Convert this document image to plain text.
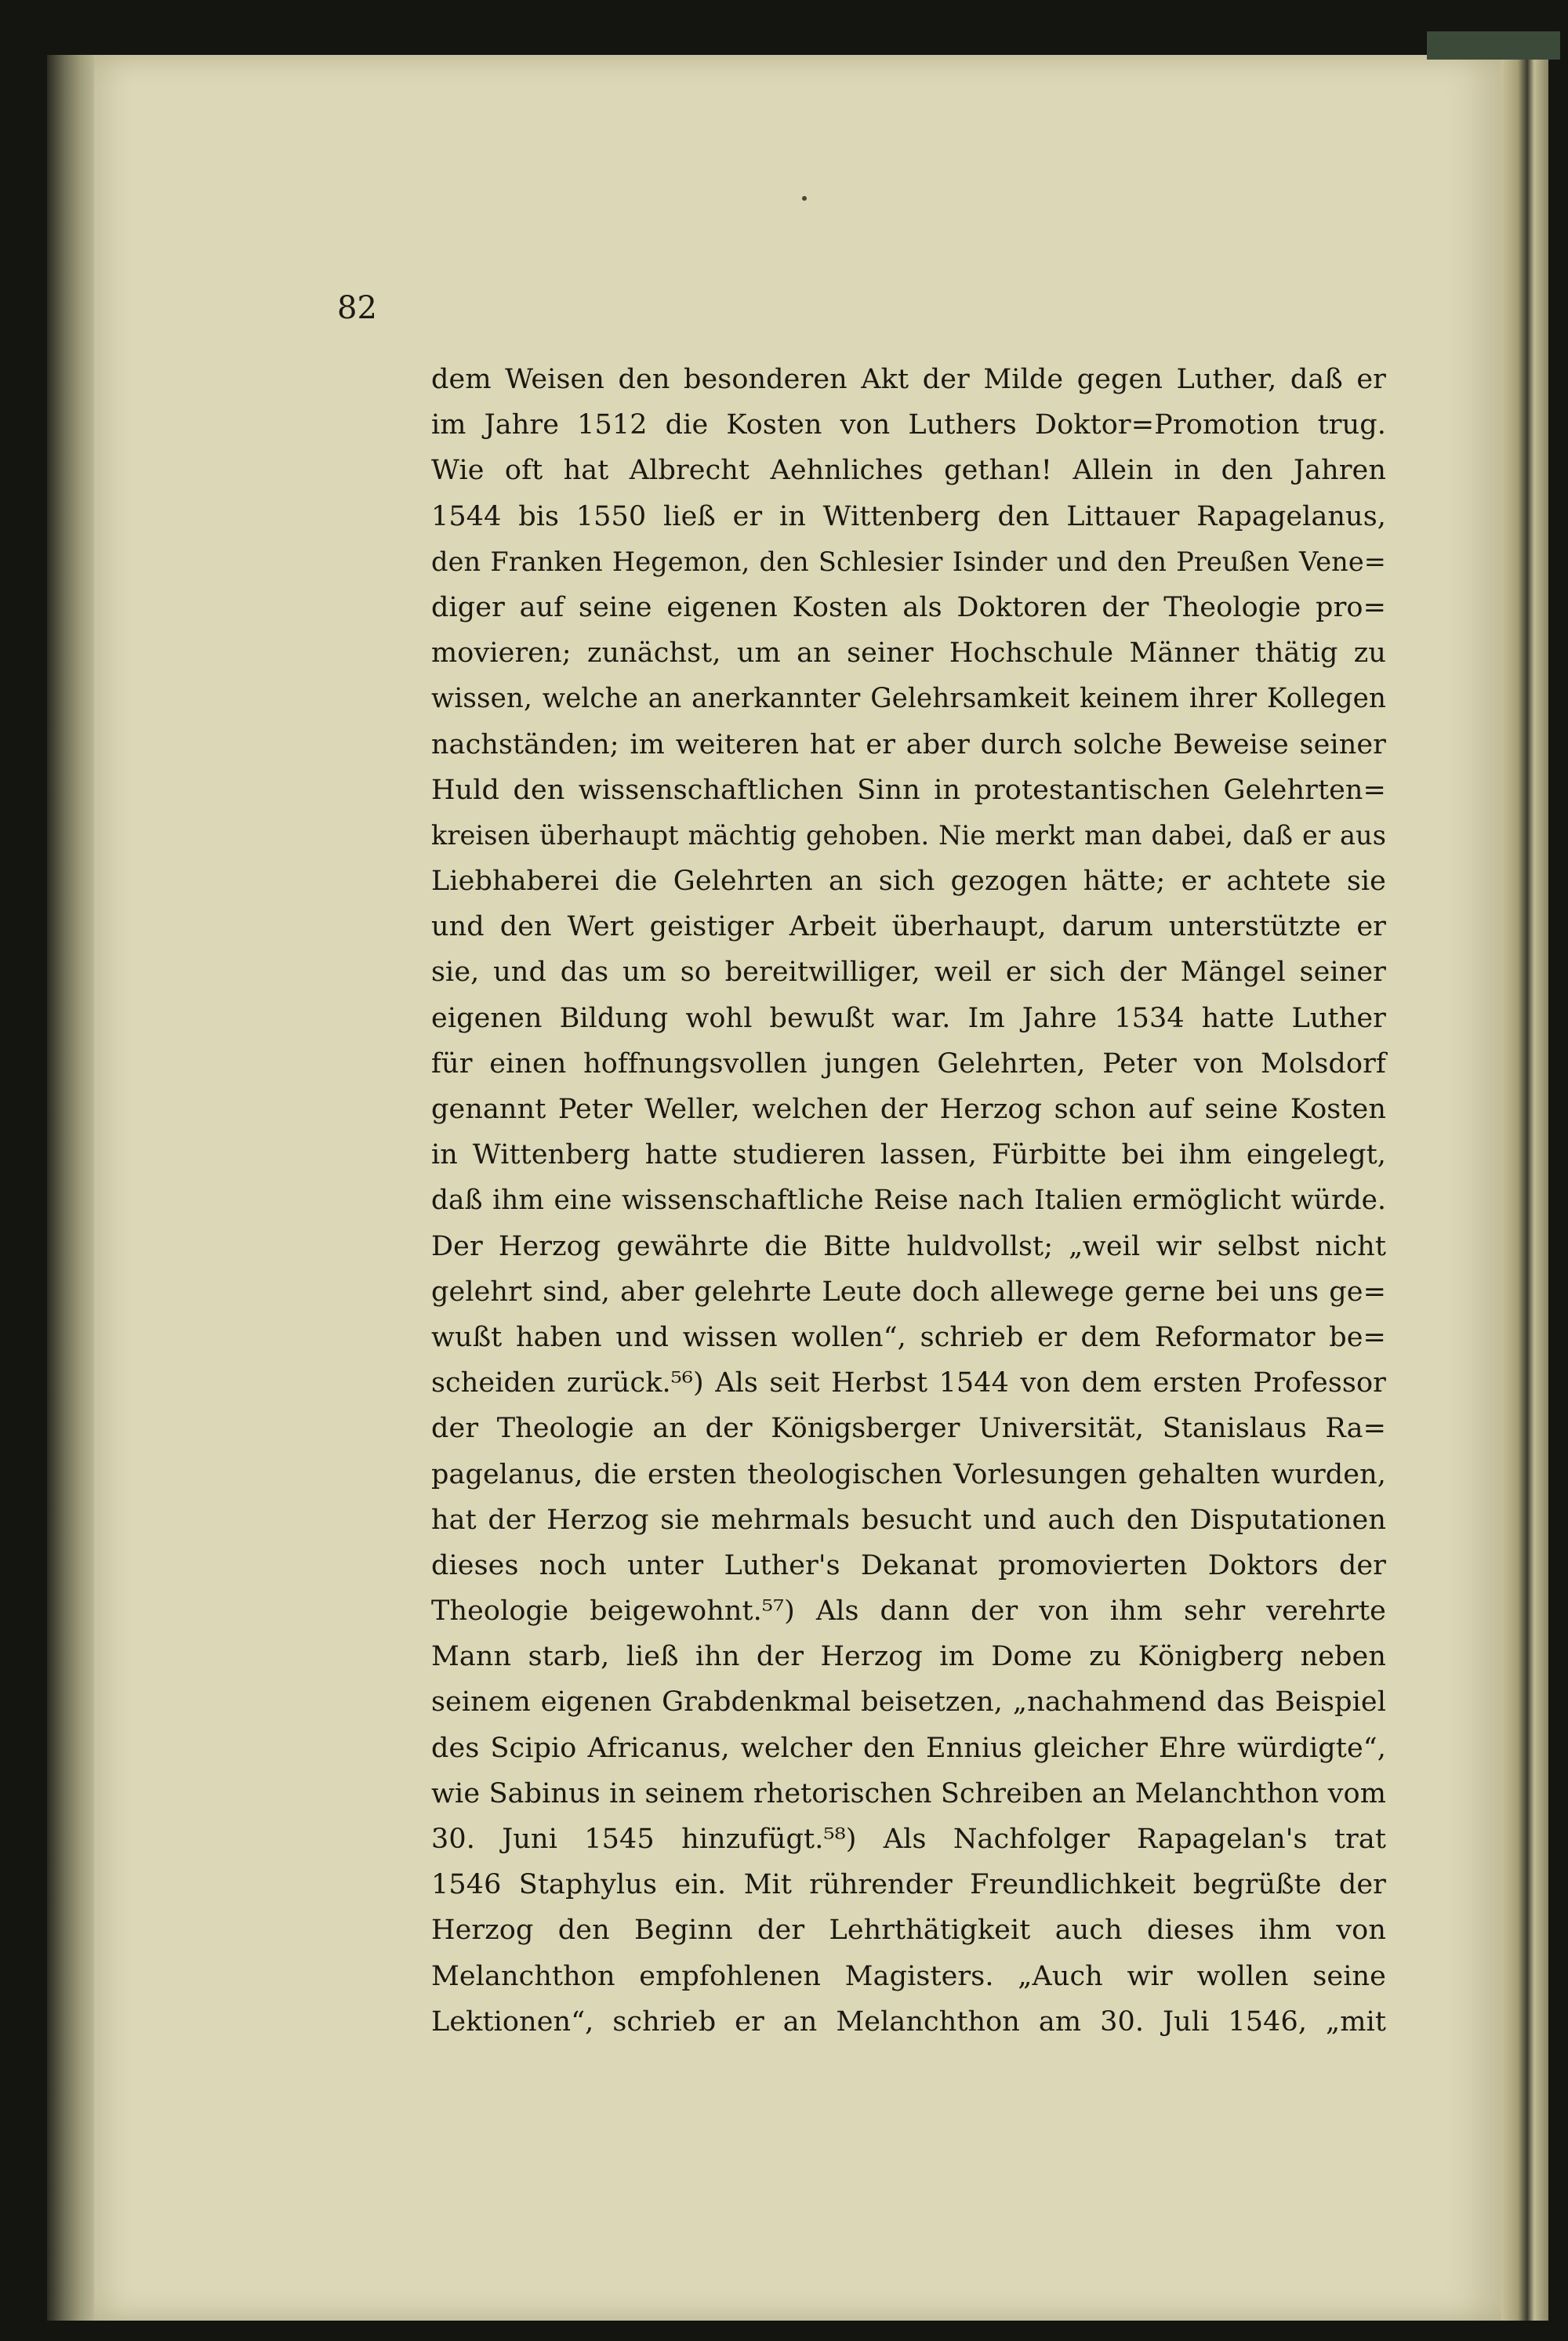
82
dem Weisen den besonderen Akt der Milde gegen Luther, daß er
im Jahre 1512 die Kosten von Luthers Doktor=Promotion trug.
Wie oft hat Albrecht Aehnliches gethan! Allein in den Jahren
1544 bis 1550 ließ er in Wittenberg den Littauer Rapagelanus,
den Franken Hegemon, den Schlesier Isinder und den Preußen Vene=
diger auf seine eigenen Kosten als Doktoren der Theologie pro=
movieren; zunächst, um an seiner Hochschule Männer thätig zu
wissen, welche an anerkannter Gelehrsamkeit keinem ihrer Kollegen
nachständen; im weiteren hat er aber durch solche Beweise seiner
Huld den wissenschaftlichen Sinn in protestantischen Gelehrten=
kreisen überhaupt mächtig gehoben. Nie merkt man dabei, daß er aus
Liebhaberei die Gelehrten an sich gezogen hätte; er achtete sie
und den Wert geistiger Arbeit überhaupt, darum unterstützte er
sie, und das um so bereitwilliger, weil er sich der Mängel seiner
eigenen Bildung wohl bewußt war. Im Jahre 1534 hatte Luther
für einen hoffnungsvollen jungen Gelehrten, Peter von Molsdorf
genannt Peter Weller, welchen der Herzog schon auf seine Kosten
in Wittenberg hatte studieren lassen, Fürbitte bei ihm eingelegt,
daß ihm eine wissenschaftliche Reise nach Italien ermöglicht würde.
Der Herzog gewährte die Bitte huldvollst; „weil wir selbst nicht
gelehrt sind, aber gelehrte Leute doch allewege gerne bei uns ge=
wußt haben und wissen wollen“, schrieb er dem Reformator be=
scheiden zurück.⁵⁶) Als seit Herbst 1544 von dem ersten Professor
der Theologie an der Königsberger Universität, Stanislaus Ra=
pagelanus, die ersten theologischen Vorlesungen gehalten wurden,
hat der Herzog sie mehrmals besucht und auch den Disputationen
dieses noch unter Luther's Dekanat promovierten Doktors der
Theologie beigewohnt.⁵⁷) Als dann der von ihm sehr verehrte
Mann starb, ließ ihn der Herzog im Dome zu Königberg neben
seinem eigenen Grabdenkmal beisetzen, „nachahmend das Beispiel
des Scipio Africanus, welcher den Ennius gleicher Ehre würdigte“,
wie Sabinus in seinem rhetorischen Schreiben an Melanchthon vom
30. Juni 1545 hinzufügt.⁵⁸) Als Nachfolger Rapagelan's trat
1546 Staphylus ein. Mit rührender Freundlichkeit begrüßte der
Herzog den Beginn der Lehrthätigkeit auch dieses ihm von
Melanchthon empfohlenen Magisters. „Auch wir wollen seine
Lektionen“, schrieb er an Melanchthon am 30. Juli 1546, „mit
